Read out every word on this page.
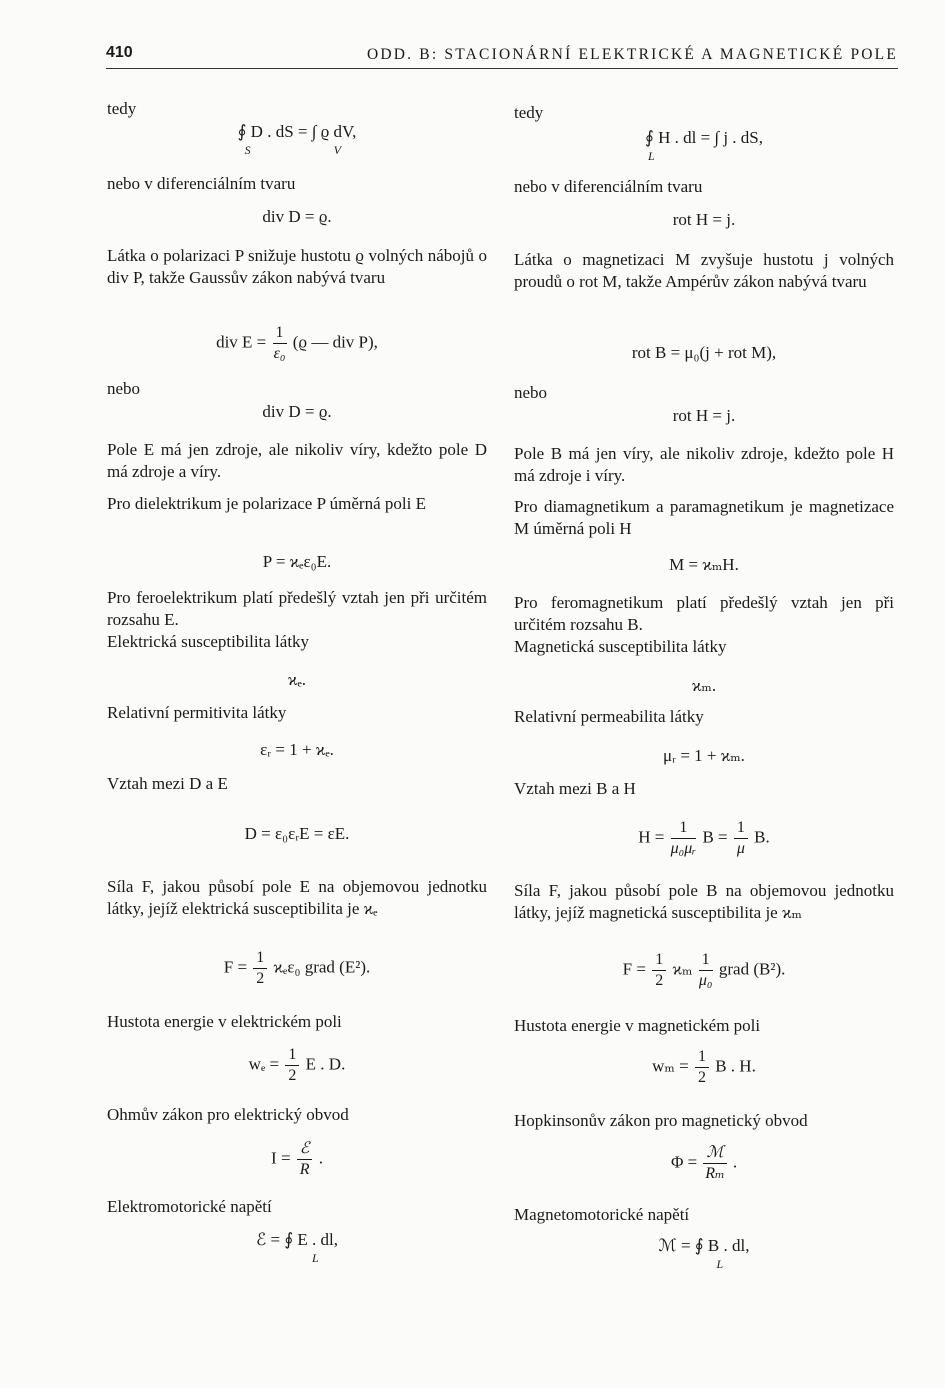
410	ODD. B: STACIONÁRNÍ ELEKTRICKÉ A MAGNETICKÉ POLE
tedy
∮ D . dS = ∫ ϱ dV,
S	V
nebo v diferenciálním tvaru
div D = ϱ.
Látka o polarizaci P snižuje hustotu ϱ volných nábojů o div P, takže Gaussův zákon nabývá tvaru
div $E = \frac{1}{\text{ε₀}} (ϱ$ — div P),
nebo
div D = ϱ.
Pole E má jen zdroje, ale nikoliv víry, kdežto pole D má zdroje a víry.
Pro dielektrikum je polarizace P úměrná poli E
P = ϰₑε₀E.
Pro feroelektrikum platí předešlý vztah jen při určitém rozsahu E.
Elektrická susceptibilita látky
ϰₑ.
Relativní permitivita látky
εᵣ = 1 + ϰₑ.
Vztah mezi D a E
D = ε₀εᵣE = εE.
Síla F, jakou působí pole E na objemovou jednotku látky, jejíž elektrická susceptibilita je ϰₑ
$F = \frac{1}{2} ϰ_e\varepsilon_0$ grad (E²).
Hustota energie v elektrickém poli
$w_e = \frac{1}{2}$ E . D.
Ohmův zákon pro elektrický obvod
$I = \frac{\text{ℰ}}{R}$ .
Elektromotorické napětí
ℰ = ∮ E . dl,
L
tedy
∮ H . dl = ∫ j . dS,
L
nebo v diferenciálním tvaru
rot H = j.
Látka o magnetizaci M zvyšuje hustotu j volných proudů o rot M, takže Ampérův zákon nabývá tvaru
rot B = μ₀(j + rot M),
nebo
rot H = j.
Pole B má jen víry, ale nikoliv zdroje, kdežto pole H má zdroje i víry.
Pro diamagnetikum a paramagnetikum je magnetizace M úměrná poli H
M = ϰₘH.
Pro feromagnetikum platí předešlý vztah jen při určitém rozsahu B.
Magnetická susceptibilita látky
ϰₘ.
Relativní permeabilita látky
μᵣ = 1 + ϰₘ.
Vztah mezi B a H
$H = \frac{1}{\text{μ₀μᵣ}}$ $B = \frac{1}{\mu} B$.
Síla F, jakou působí pole B na objemovou jednotku látky, jejíž magnetická susceptibilita je ϰₘ
$F = \frac{1}{2}$ ϰₘ $\frac{1}{\text{μ₀}}$ grad (B²).
Hustota energie v magnetickém poli
$w_m = \frac{1}{2}$ B . H.
Hopkinsonův zákon pro magnetický obvod
$\Phi = \frac{\text{ℳ}}{\text{Rₘ}}$ .
Magnetomotorické napětí
ℳ = ∮ B . dl,
L
